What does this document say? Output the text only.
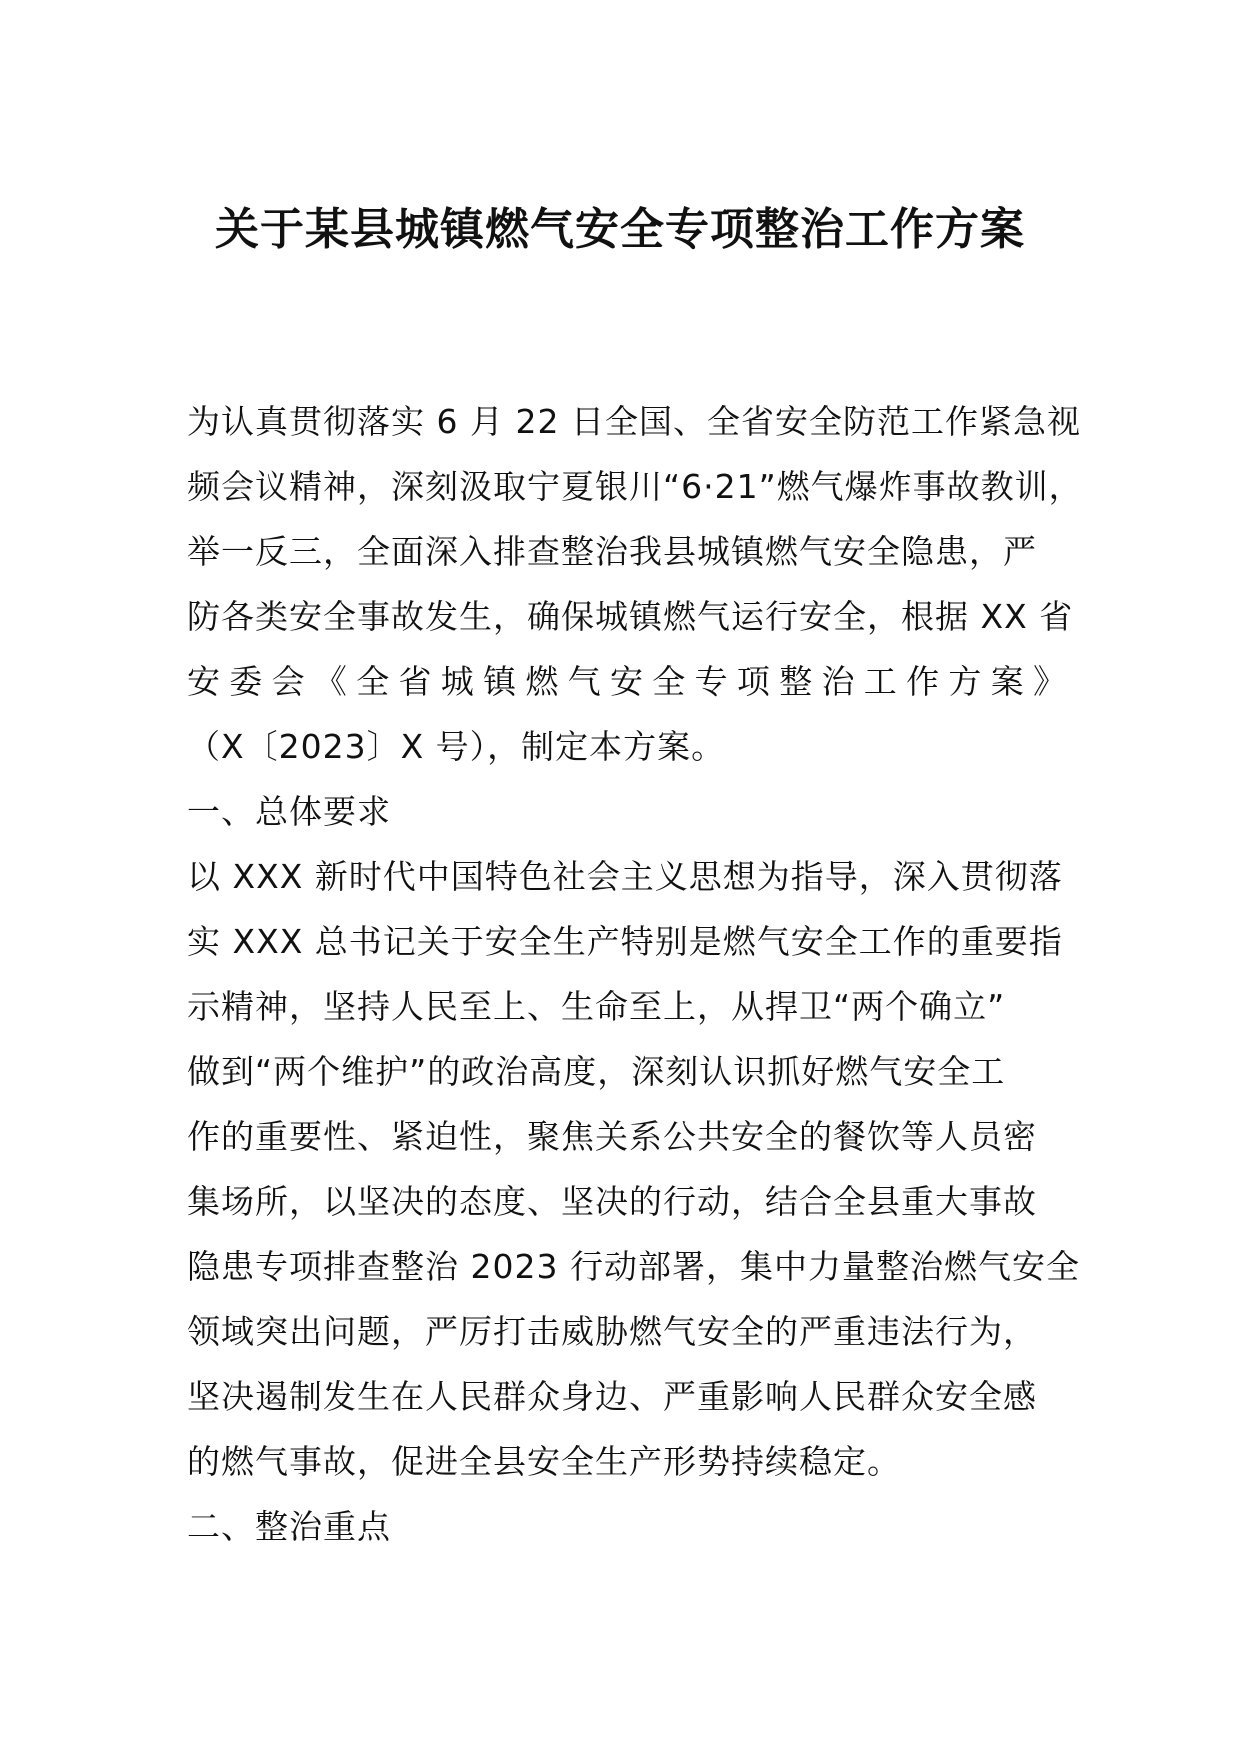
关于某县城镇燃气安全专项整治工作方案
为认真贯彻落实 6 月 22 日全国、全省安全防范工作紧急视
频会议精神，深刻汲取宁夏银川“6·21”燃气爆炸事故教训，
举一反三，全面深入排查整治我县城镇燃气安全隐患，严
防各类安全事故发生，确保城镇燃气运行安全，根据 XX 省
安委会《全省城镇燃气安全专项整治工作方案》
（X〔2023〕X 号），制定本方案。
一、总体要求
以 XXX 新时代中国特色社会主义思想为指导，深入贯彻落
实 XXX 总书记关于安全生产特别是燃气安全工作的重要指
示精神，坚持人民至上、生命至上，从捍卫“两个确立”
做到“两个维护”的政治高度，深刻认识抓好燃气安全工
作的重要性、紧迫性，聚焦关系公共安全的餐饮等人员密
集场所，以坚决的态度、坚决的行动，结合全县重大事故
隐患专项排查整治 2023 行动部署，集中力量整治燃气安全
领域突出问题，严厉打击威胁燃气安全的严重违法行为，
坚决遏制发生在人民群众身边、严重影响人民群众安全感
的燃气事故，促进全县安全生产形势持续稳定。
二、整治重点
